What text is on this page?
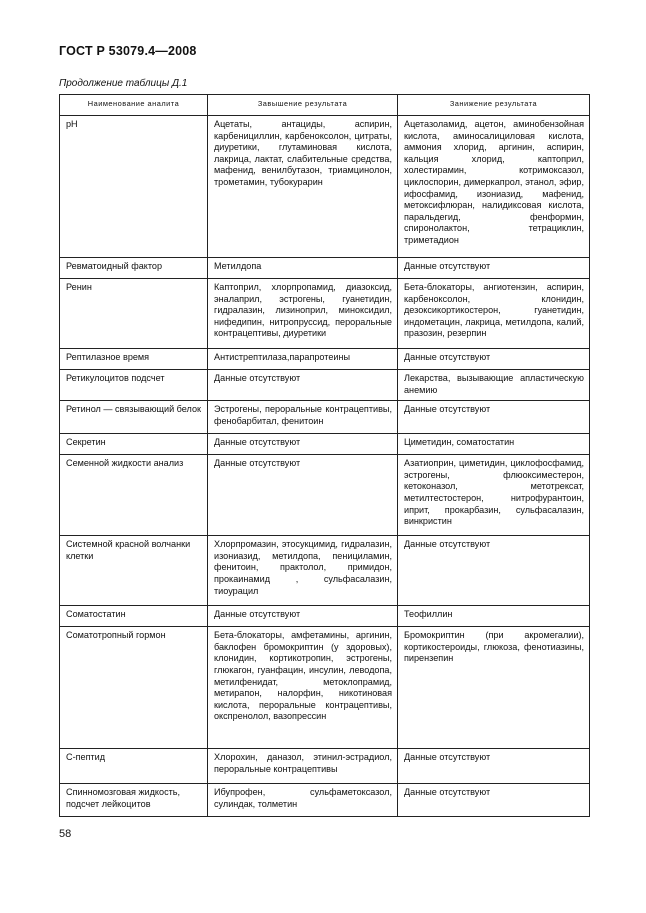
ГОСТ Р 53079.4—2008
Продолжение таблицы Д.1
Наименование аналита	Завышение результата	Занижение результата
pH	Ацетаты, антациды, аспирин, карбенициллин, карбеноксолон, цитраты, диуретики, глутаминовая кислота, лакрица, лактат, слабительные средства, мафенид, венилбутазон, триамцинолон, трометамин, тубокурарин	Ацетазоламид, ацетон, аминобензойная кислота, аминосалициловая кислота, аммония хлорид, аргинин, аспирин, кальция хлорид, каптоприл, холестирамин, котримоксазол, циклоспорин, димеркапрол, этанол, эфир, ифосфамид, изониазид, мафенид, метоксифлюран, налидиксовая кислота, паральдегид, фенформин, спиронолактон, тетрациклин, триметадион
Ревматоидный фактор	Метилдопа	Данные отсутствуют
Ренин	Каптоприл, хлорпропамид, диазоксид, эналаприл, эстрогены, гуанетидин, гидралазин, лизиноприл, миноксидил, нифедипин, нитропруссид, пероральные контрацептивы, диуретики	Бета-блокаторы, ангиотензин, аспирин, карбеноксолон, клонидин, дезоксикортикостерон, гуанетидин, индометацин, лакрица, метилдопа, калий, празозин, резерпин
Рептилазное время	Антистрептилаза,парапротеины	Данные отсутствуют
Ретикулоцитов подсчет	Данные отсутствуют	Лекарства, вызывающие апластическую анемию
Ретинол — связывающий белок	Эстрогены, пероральные контрацептивы, фенобарбитал, фенитоин	Данные отсутствуют
Секретин	Данные отсутствуют	Циметидин, соматостатин
Семенной жидкости анализ	Данные отсутствуют	Азатиоприн, циметидин, циклофосфамид, эстрогены, флюоксиместерон, кетоконазол, метотрексат, метилтестостерон, нитрофурантоин, иприт, прокарбазин, сульфасалазин, винкристин
Системной красной волчанки клетки	Хлорпромазин, этосукцимид, гидралазин, изониазид, метилдопа, пенициламин, фенитоин, практолол, примидон, прокаинамид , сульфасалазин, тиоурацил	Данные отсутствуют
Соматостатин	Данные отсутствуют	Теофиллин
Соматотропный гормон	Бета-блокаторы, амфетамины, аргинин, баклофен бромокриптин (у здоровых), клонидин, кортикотропин, эстрогены, глюкагон, гуанфацин, инсулин, леводопа, метилфенидат, метоклопрамид, метирапон, налорфин, никотиновая кислота, пероральные контрацептивы, окспренолол, вазопрессин	Бромокриптин (при акромегалии), кортикостероиды, глюкоза, фенотиазины, пирензепин
С-пептид	Хлорохин, даназол, этинил-эстрадиол, пероральные контрацептивы	Данные отсутствуют
Спинномозговая жидкость, подсчет лейкоцитов	Ибупрофен, сульфаметоксазол, сулиндак, толметин	Данные отсутствуют
58
